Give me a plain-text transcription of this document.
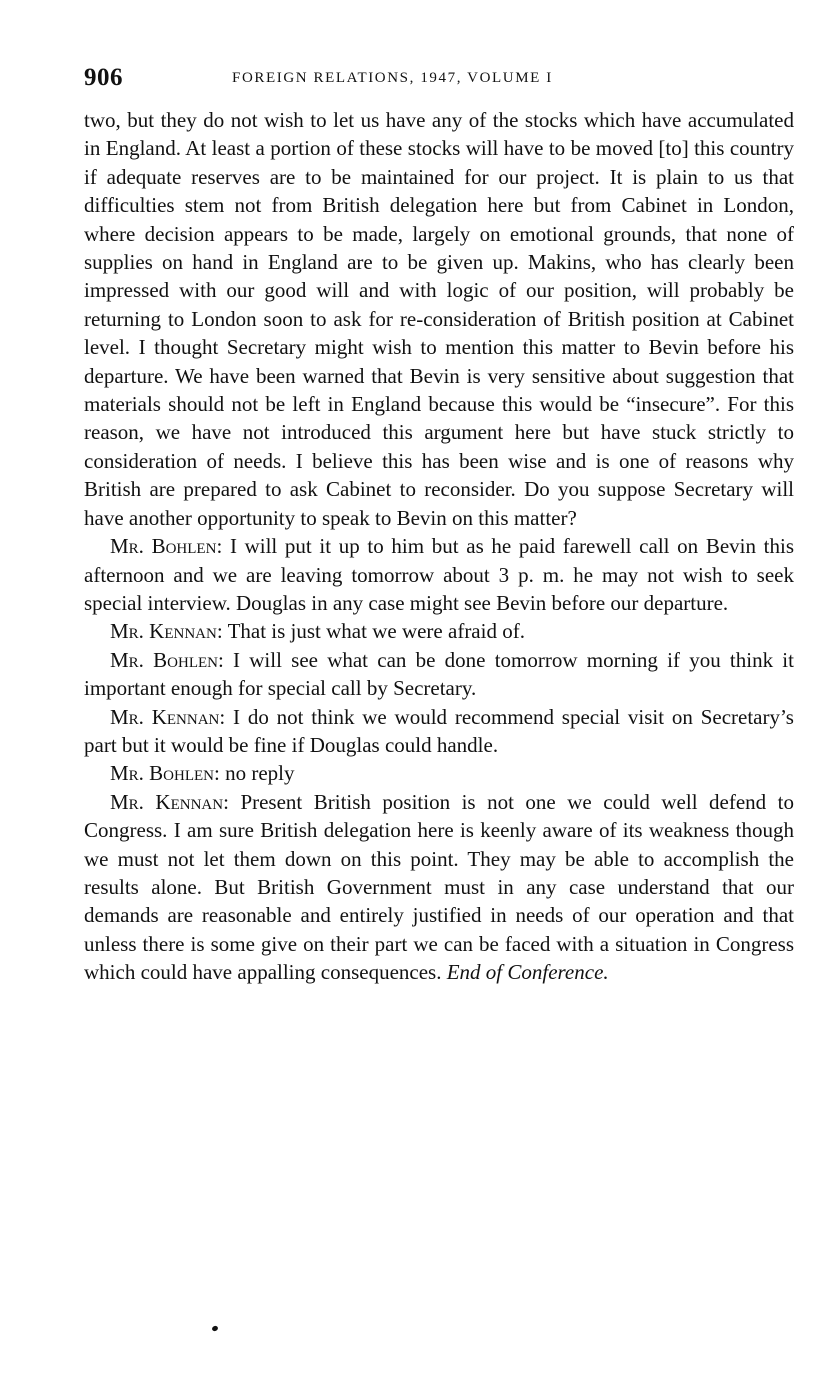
906	FOREIGN RELATIONS, 1947, VOLUME I

two, but they do not wish to let us have any of the stocks which have accumulated in England. At least a portion of these stocks will have to be moved [to] this country if adequate reserves are to be maintained for our project. It is plain to us that difficulties stem not from British delegation here but from Cabinet in London, where decision appears to be made, largely on emotional grounds, that none of supplies on hand in England are to be given up. Makins, who has clearly been impressed with our good will and with logic of our position, will probably be returning to London soon to ask for re-consideration of British position at Cabinet level. I thought Secretary might wish to mention this matter to Bevin before his departure. We have been warned that Bevin is very sensitive about suggestion that materials should not be left in England because this would be “insecure”. For this reason, we have not introduced this argument here but have stuck strictly to consideration of needs. I believe this has been wise and is one of reasons why British are prepared to ask Cabinet to reconsider. Do you suppose Secretary will have another opportunity to speak to Bevin on this matter?

Mr. Bohlen: I will put it up to him but as he paid farewell call on Bevin this afternoon and we are leaving tomorrow about 3 p. m. he may not wish to seek special interview. Douglas in any case might see Bevin before our departure.

Mr. Kennan: That is just what we were afraid of.

Mr. Bohlen: I will see what can be done tomorrow morning if you think it important enough for special call by Secretary.

Mr. Kennan: I do not think we would recommend special visit on Secretary’s part but it would be fine if Douglas could handle.

Mr. Bohlen: no reply

Mr. Kennan: Present British position is not one we could well defend to Congress. I am sure British delegation here is keenly aware of its weakness though we must not let them down on this point. They may be able to accomplish the results alone. But British Government must in any case understand that our demands are reasonable and entirely justified in needs of our operation and that unless there is some give on their part we can be faced with a situation in Congress which could have appalling consequences. End of Conference.
